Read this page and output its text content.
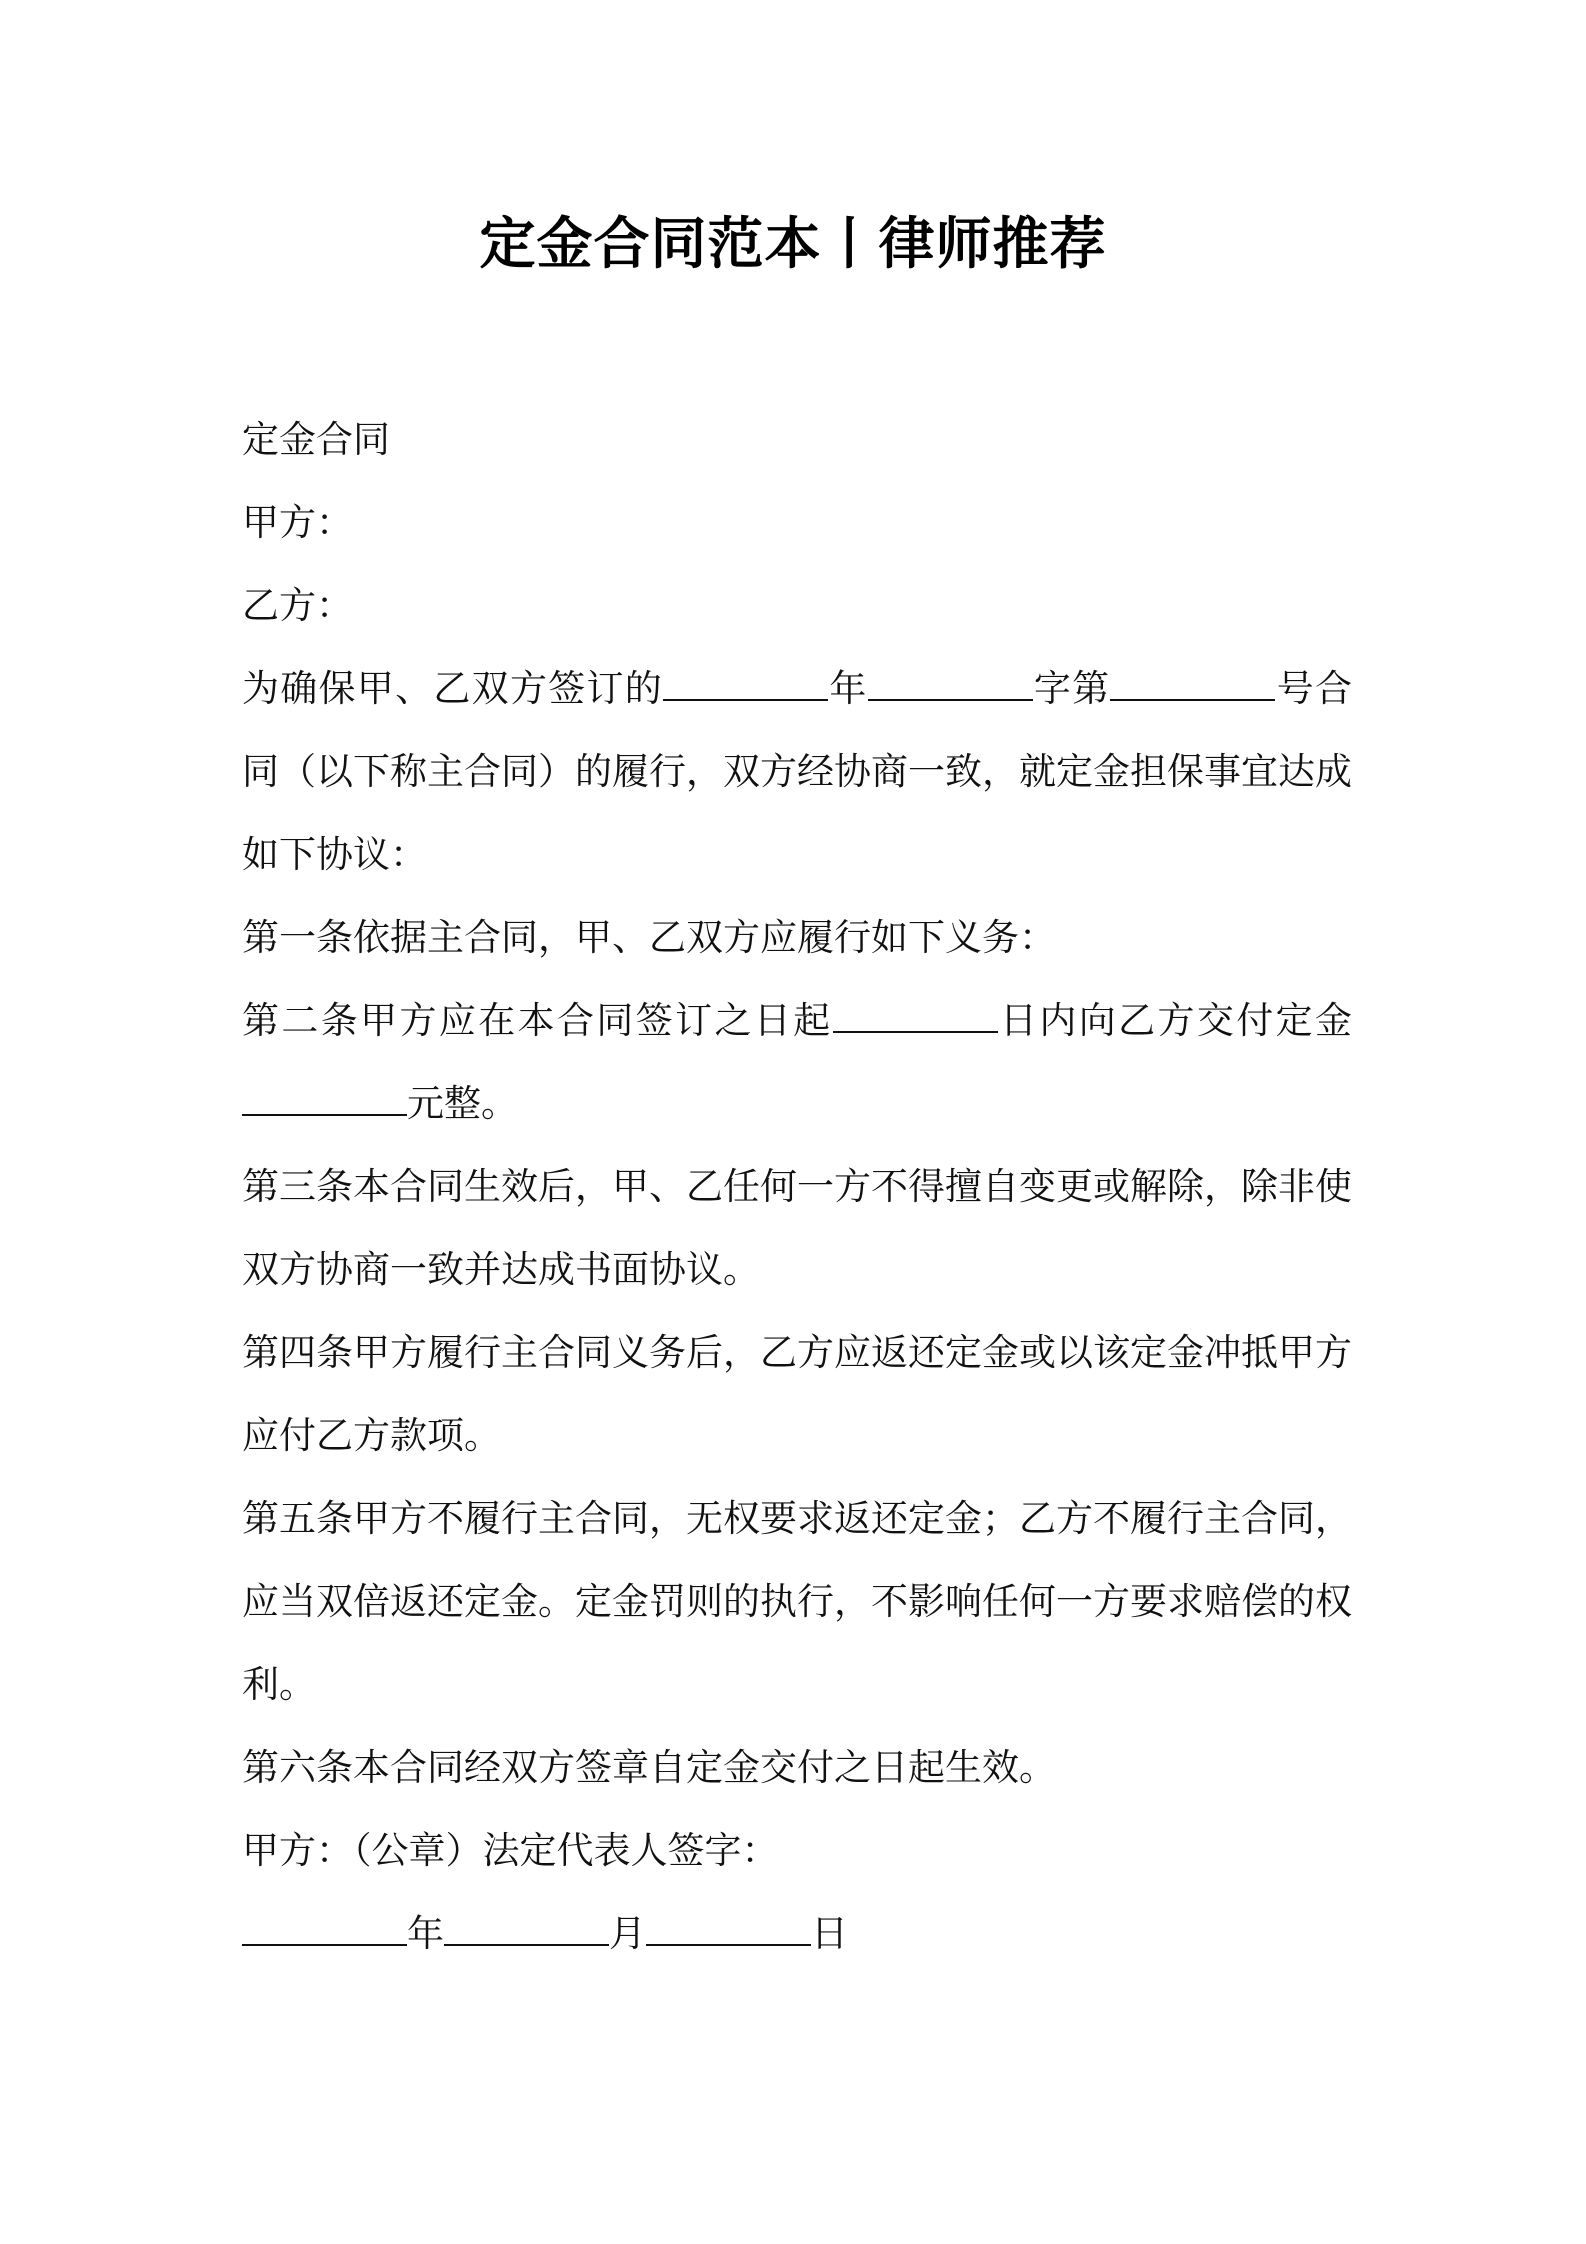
定金合同范本丨律师推荐
定金合同
甲方：
乙方：
为确保甲、乙双方签订的	年	字第	号合同（以下称主合同）的履行，双方经协商一致，就定金担保事宜达成如下协议：
第一条依据主合同，甲、乙双方应履行如下义务：
第二条甲方应在本合同签订之日起	日内向乙方交付定金元整。
第三条本合同生效后，甲、乙任何一方不得擅自变更或解除，除非使双方协商一致并达成书面协议。
第四条甲方履行主合同义务后，乙方应返还定金或以该定金冲抵甲方应付乙方款项。
第五条甲方不履行主合同，无权要求返还定金；乙方不履行主合同，应当双倍返还定金。定金罚则的执行，不影响任何一方要求赔偿的权利。
第六条本合同经双方签章自定金交付之日起生效。
甲方：（公章）法定代表人签字：
年	月	日
